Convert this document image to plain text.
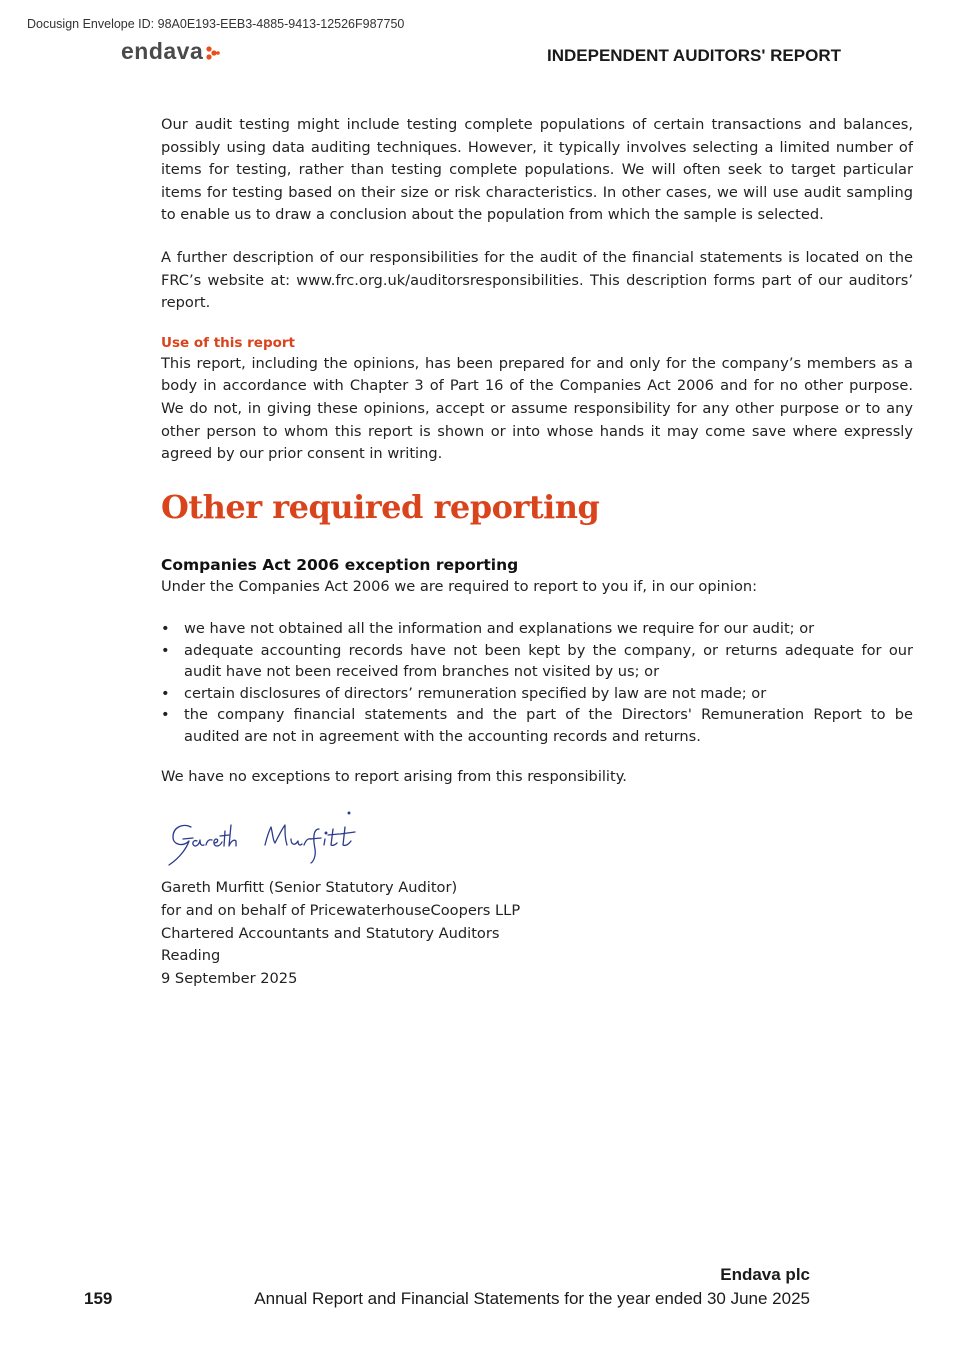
Docusign Envelope ID: 98A0E193-EEB3-4885-9413-12526F987750
endava	INDEPENDENT AUDITORS' REPORT

Our audit testing might include testing complete populations of certain transactions and balances, possibly using data auditing techniques. However, it typically involves selecting a limited number of items for testing, rather than testing complete populations. We will often seek to target particular items for testing based on their size or risk characteristics. In other cases, we will use audit sampling to enable us to draw a conclusion about the population from which the sample is selected.

A further description of our responsibilities for the audit of the financial statements is located on the FRC’s website at: www.frc.org.uk/auditorsresponsibilities. This description forms part of our auditors’ report.

Use of this report

This report, including the opinions, has been prepared for and only for the company’s members as a body in accordance with Chapter 3 of Part 16 of the Companies Act 2006 and for no other purpose. We do not, in giving these opinions, accept or assume responsibility for any other purpose or to any other person to whom this report is shown or into whose hands it may come save where expressly agreed by our prior consent in writing.

Other required reporting
Companies Act 2006 exception reporting

Under the Companies Act 2006 we are required to report to you if, in our opinion:

• we have not obtained all the information and explanations we require for our audit; or
• adequate accounting records have not been kept by the company, or returns adequate for our audit have not been received from branches not visited by us; or
• certain disclosures of directors’ remuneration specified by law are not made; or
• the company financial statements and the part of the Directors' Remuneration Report to be audited are not in agreement with the accounting records and returns.

We have no exceptions to report arising from this responsibility.

Gareth Murfitt (Senior Statutory Auditor)

for and on behalf of PricewaterhouseCoopers LLP

Chartered Accountants and Statutory Auditors

Reading

9 September 2025

Endava plc
159	Annual Report and Financial Statements for the year ended 30 June 2025
